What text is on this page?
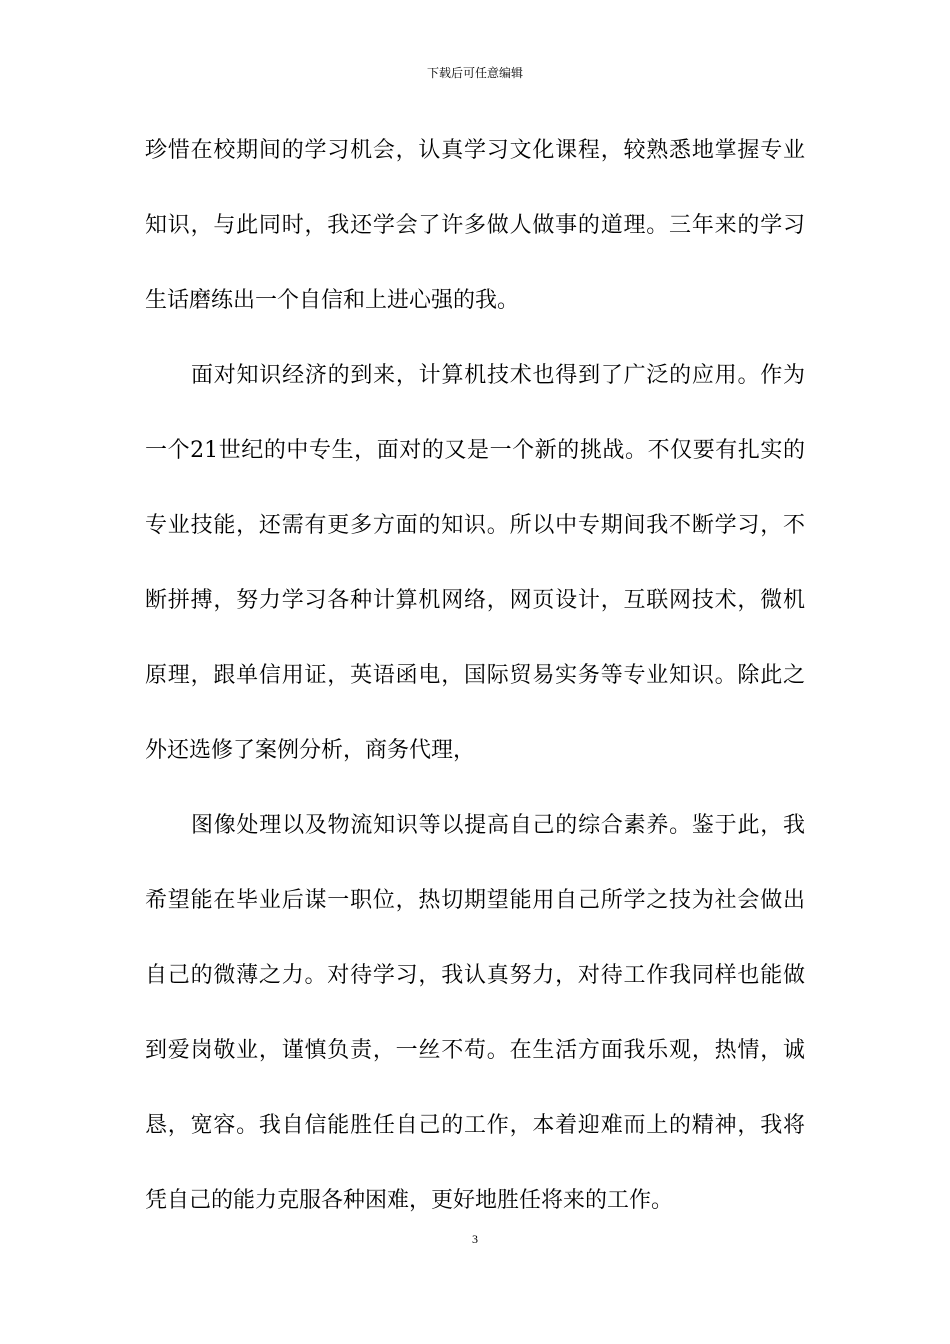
下载后可任意编辑
珍惜在校期间的学习机会，认真学习文化课程，较熟悉地掌握专业
知识，与此同时，我还学会了许多做人做事的道理。三年来的学习
生话磨练出一个自信和上进心强的我。
面对知识经济的到来，计算机技术也得到了广泛的应用。作为
一个21世纪的中专生，面对的又是一个新的挑战。不仅要有扎实的
专业技能，还需有更多方面的知识。所以中专期间我不断学习，不
断拼搏，努力学习各种计算机网络，网页设计，互联网技术，微机
原理，跟单信用证，英语函电，国际贸易实务等专业知识。除此之
外还选修了案例分析，商务代理，
图像处理以及物流知识等以提高自己的综合素养。鉴于此，我
希望能在毕业后谋一职位，热切期望能用自己所学之技为社会做出
自己的微薄之力。对待学习，我认真努力，对待工作我同样也能做
到爱岗敬业，谨慎负责，一丝不苟。在生活方面我乐观，热情，诚
恳，宽容。我自信能胜任自己的工作，本着迎难而上的精神，我将
凭自己的能力克服各种困难，更好地胜任将来的工作。
3
